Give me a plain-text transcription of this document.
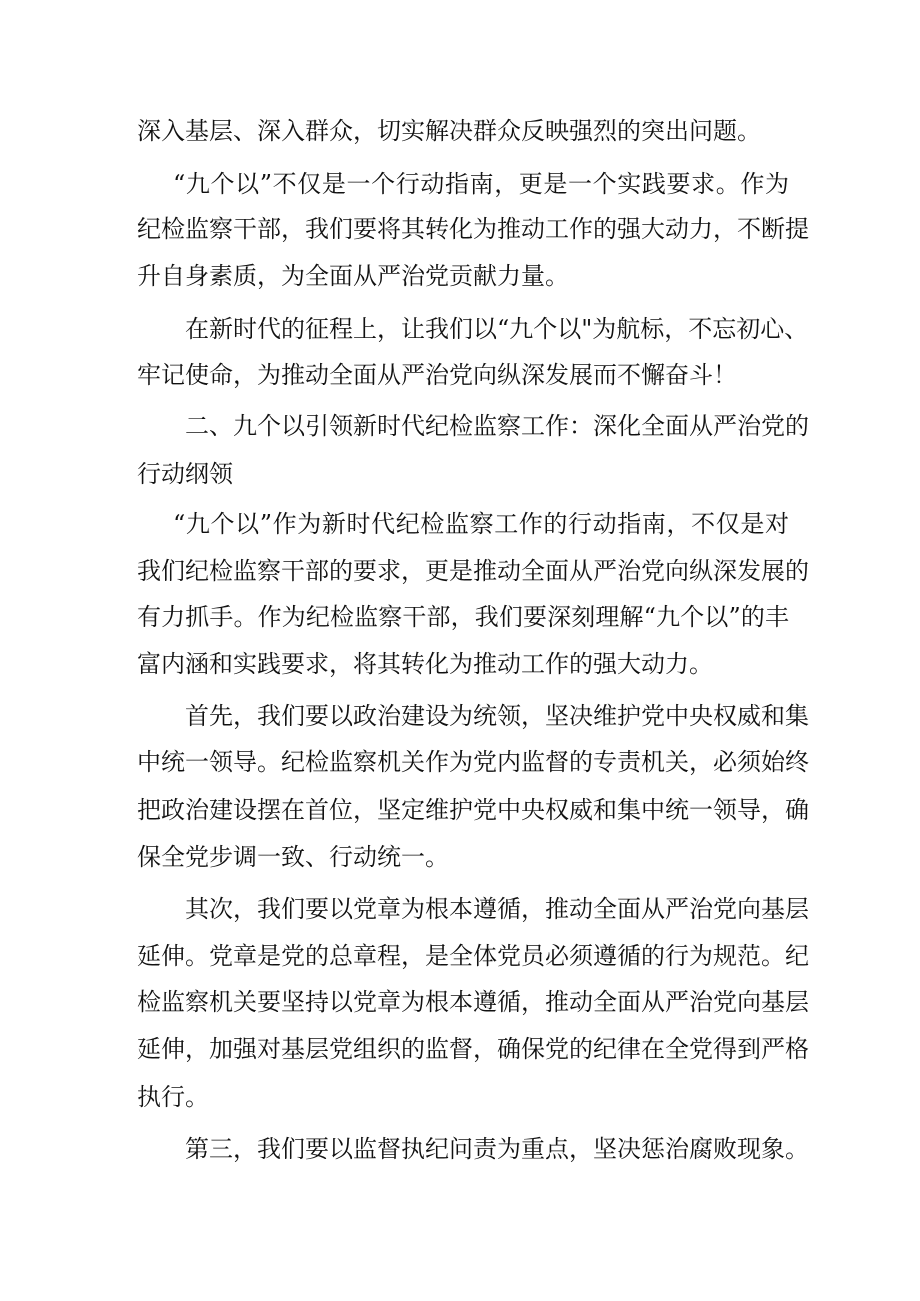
深入基层、深入群众，切实解决群众反映强烈的突出问题。

“九个以”不仅是一个行动指南，更是一个实践要求。作为

纪检监察干部，我们要将其转化为推动工作的强大动力，不断提

升自身素质，为全面从严治党贡献力量。

在新时代的征程上，让我们以“九个以"为航标，不忘初心、

牢记使命，为推动全面从严治党向纵深发展而不懈奋斗！

二、九个以引领新时代纪检监察工作：深化全面从严治党的

行动纲领

“九个以”作为新时代纪检监察工作的行动指南，不仅是对

我们纪检监察干部的要求，更是推动全面从严治党向纵深发展的

有力抓手。作为纪检监察干部，我们要深刻理解“九个以”的丰

富内涵和实践要求，将其转化为推动工作的强大动力。

首先，我们要以政治建设为统领，坚决维护党中央权威和集

中统一领导。纪检监察机关作为党内监督的专责机关，必须始终

把政治建设摆在首位，坚定维护党中央权威和集中统一领导，确

保全党步调一致、行动统一。

其次，我们要以党章为根本遵循，推动全面从严治党向基层

延伸。党章是党的总章程，是全体党员必须遵循的行为规范。纪

检监察机关要坚持以党章为根本遵循，推动全面从严治党向基层

延伸，加强对基层党组织的监督，确保党的纪律在全党得到严格

执行。

第三，我们要以监督执纪问责为重点，坚决惩治腐败现象。
